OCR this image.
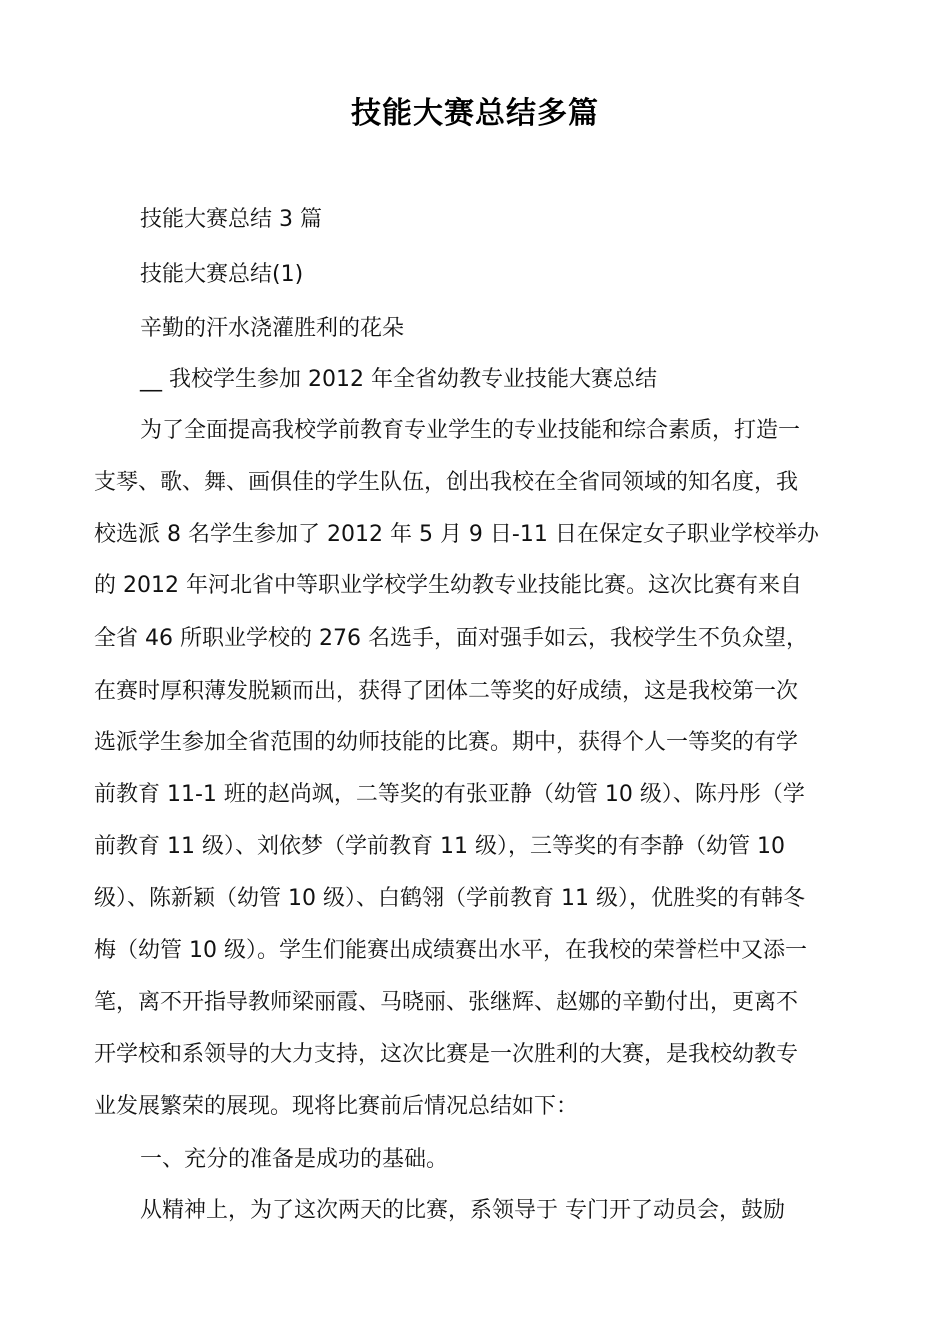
技能大赛总结多篇
技能大赛总结 3 篇
技能大赛总结(1)
辛勤的汗水浇灌胜利的花朵
__ 我校学生参加 2012 年全省幼教专业技能大赛总结
为了全面提高我校学前教育专业学生的专业技能和综合素质，打造一
支琴、歌、舞、画俱佳的学生队伍，创出我校在全省同领域的知名度，我
校选派 8 名学生参加了 2012 年 5 月 9 日-11 日在保定女子职业学校举办
的 2012 年河北省中等职业学校学生幼教专业技能比赛。这次比赛有来自
全省 46 所职业学校的 276 名选手，面对强手如云，我校学生不负众望，
在赛时厚积薄发脱颖而出，获得了团体二等奖的好成绩，这是我校第一次
选派学生参加全省范围的幼师技能的比赛。期中，获得个人一等奖的有学
前教育 11-1 班的赵尚飒，二等奖的有张亚静（幼管 10 级）、陈丹彤（学
前教育 11 级）、刘依梦（学前教育 11 级），三等奖的有李静（幼管 10
级）、陈新颖（幼管 10 级）、白鹤翎（学前教育 11 级），优胜奖的有韩冬
梅（幼管 10 级）。学生们能赛出成绩赛出水平，在我校的荣誉栏中又添一
笔，离不开指导教师梁丽霞、马晓丽、张继辉、赵娜的辛勤付出，更离不
开学校和系领导的大力支持，这次比赛是一次胜利的大赛，是我校幼教专
业发展繁荣的展现。现将比赛前后情况总结如下：
一、充分的准备是成功的基础。
从精神上，为了这次两天的比赛，系领导于 专门开了动员会，鼓励
